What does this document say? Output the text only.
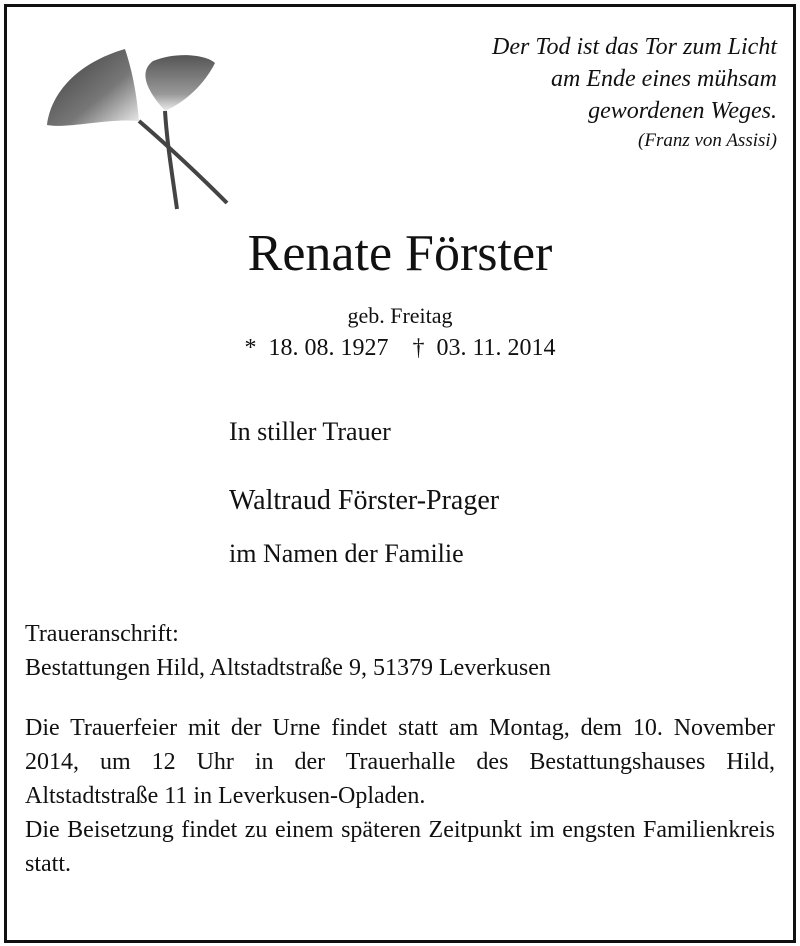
Der Tod ist das Tor zum Licht
am Ende eines mühsam
gewordenen Weges.
(Franz von Assisi)
Renate Förster
geb. Freitag
*  18. 08. 1927    †  03. 11. 2014
In stiller Trauer
Waltraud Förster-Prager
im Namen der Familie
Traueranschrift:
Bestattungen Hild, Altstadtstraße 9, 51379 Leverkusen

Die Trauerfeier mit der Urne findet statt am Montag, dem 10. November 2014, um 12 Uhr in der Trauerhalle des Bestattungshauses Hild, Altstadtstraße 11 in Leverkusen-Opladen.

Die Beisetzung findet zu einem späteren Zeitpunkt im engsten Familienkreis statt.
